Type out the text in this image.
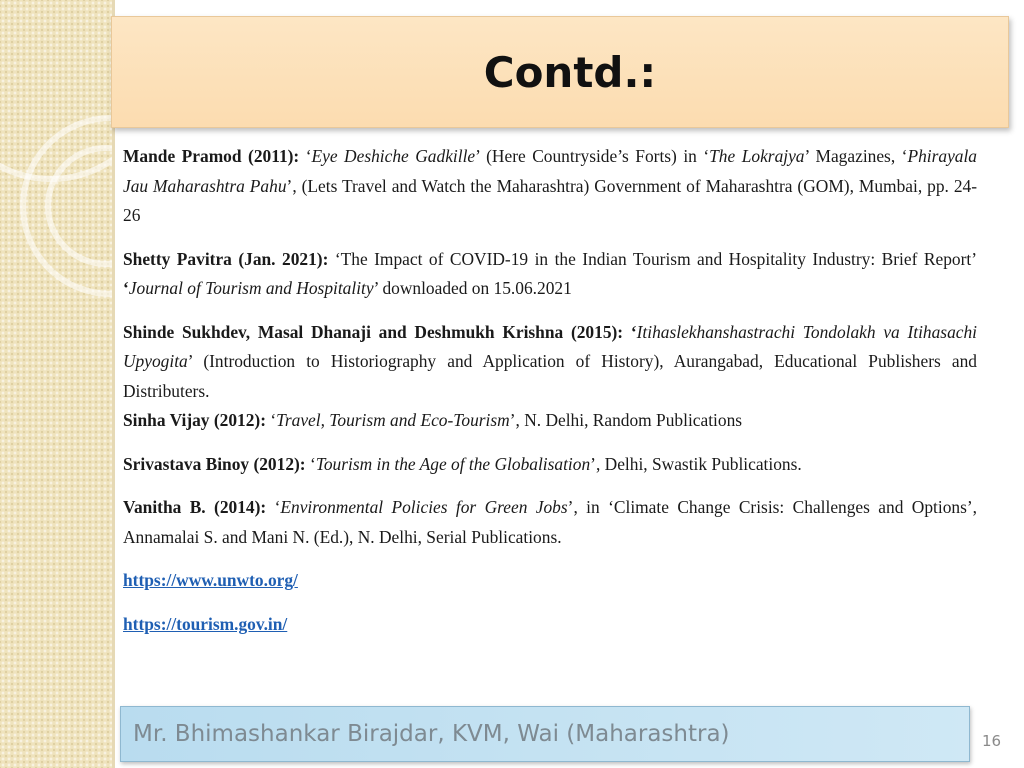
Contd.:

Mande Pramod (2011): ‘Eye Deshiche Gadkille’ (Here Countryside’s Forts) in ‘The Lokrajya’ Magazines, ‘Phirayala Jau Maharashtra Pahu’, (Lets Travel and Watch the Maharashtra) Government of Maharashtra (GOM), Mumbai, pp. 24-26

Shetty Pavitra (Jan. 2021): ‘The Impact of COVID-19 in the Indian Tourism and Hospitality Industry: Brief Report’ ‘Journal of Tourism and Hospitality’ downloaded on 15.06.2021

Shinde Sukhdev, Masal Dhanaji and Deshmukh Krishna (2015): ‘Itihaslekhanshastrachi Tondolakh va Itihasachi Upyogita’ (Introduction to Historiography and Application of History), Aurangabad, Educational Publishers and Distributers.

Sinha Vijay (2012): ‘Travel, Tourism and Eco-Tourism’, N. Delhi, Random Publications

Srivastava Binoy (2012): ‘Tourism in the Age of the Globalisation’, Delhi, Swastik Publications.

Vanitha B. (2014): ‘Environmental Policies for Green Jobs’, in ‘Climate Change Crisis: Challenges and Options’, Annamalai S. and Mani N. (Ed.), N. Delhi, Serial Publications.

https://www.unwto.org/
https://tourism.gov.in/

Mr. Bhimashankar Birajdar, KVM, Wai (Maharashtra)	16
